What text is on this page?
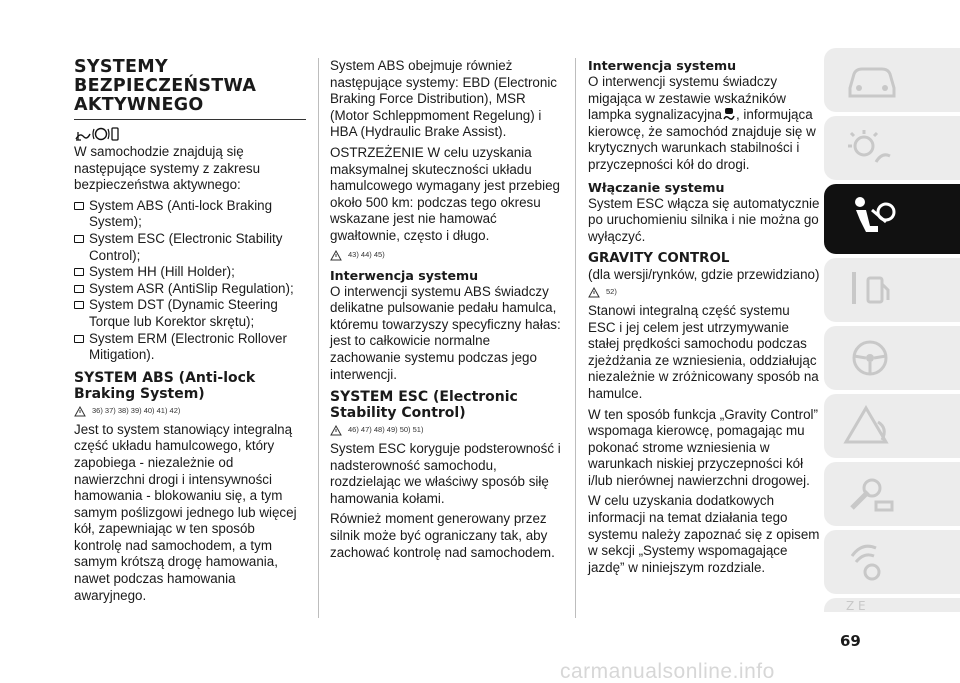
SYSTEMY BEZPIECZEŃSTWA AKTYWNEGO

W samochodzie znajdują się następujące systemy z zakresu bezpieczeństwa aktywnego:

System ABS (Anti-lock Braking System);
System ESC (Electronic Stability Control);
System HH (Hill Holder);
System ASR (AntiSlip Regulation);
System DST (Dynamic Steering Torque lub Korektor skrętu);
System ERM (Electronic Rollover Mitigation).
SYSTEM ABS (Anti-lock Braking System)
36) 37) 38) 39) 40) 41) 42)

Jest to system stanowiący integralną część układu hamulcowego, który zapobiega - niezależnie od nawierzchni drogi i intensywności hamowania - blokowaniu się, a tym samym poślizgowi jednego lub więcej kół, zapewniając w ten sposób kontrolę nad samochodem, a tym samym krótszą drogę hamowania, nawet podczas hamowania awaryjnego.

System ABS obejmuje również następujące systemy: EBD (Electronic Braking Force Distribution), MSR (Motor Schleppmoment Regelung) i HBA (Hydraulic Brake Assist).

OSTRZEŻENIE W celu uzyskania maksymalnej skuteczności układu hamulcowego wymagany jest przebieg około 500 km: podczas tego okresu wskazane jest nie hamować gwałtownie, często i długo.

43) 44) 45)
Interwencja systemu

O interwencji systemu ABS świadczy delikatne pulsowanie pedału hamulca, któremu towarzyszy specyficzny hałas: jest to całkowicie normalne zachowanie systemu podczas jego interwencji.

SYSTEM ESC (Electronic Stability Control)
46) 47) 48) 49) 50) 51)

System ESC koryguje podsterowność i nadsterowność samochodu, rozdzielając we właściwy sposób siłę hamowania kołami.

Również moment generowany przez silnik może być ograniczany tak, aby zachować kontrolę nad samochodem.

Interwencja systemu

O interwencji systemu świadczy migająca w zestawie wskaźników lampka sygnalizacyjna , informująca kierowcę, że samochód znajduje się w krytycznych warunkach stabilności i przyczepności kół do drogi.

Włączanie systemu

System ESC włącza się automatycznie po uruchomieniu silnika i nie można go wyłączyć.

GRAVITY CONTROL

(dla wersji/rynków, gdzie przewidziano)

52)

Stanowi integralną część systemu ESC i jej celem jest utrzymywanie stałej prędkości samochodu podczas zjeżdżania ze wzniesienia, oddziałując niezależnie w zróżnicowany sposób na hamulce.

W ten sposób funkcja „Gravity Control” wspomaga kierowcę, pomagając mu pokonać strome wzniesienia w warunkach niskiej przyczepności kół i/lub nierównej nawierzchni drogowej.

W celu uzyskania dodatkowych informacji na temat działania tego systemu należy zapoznać się z opisem w sekcji „Systemy wspomagające jazdę” w niniejszym rozdziale.

Z E
69
carmanualsonline.info
